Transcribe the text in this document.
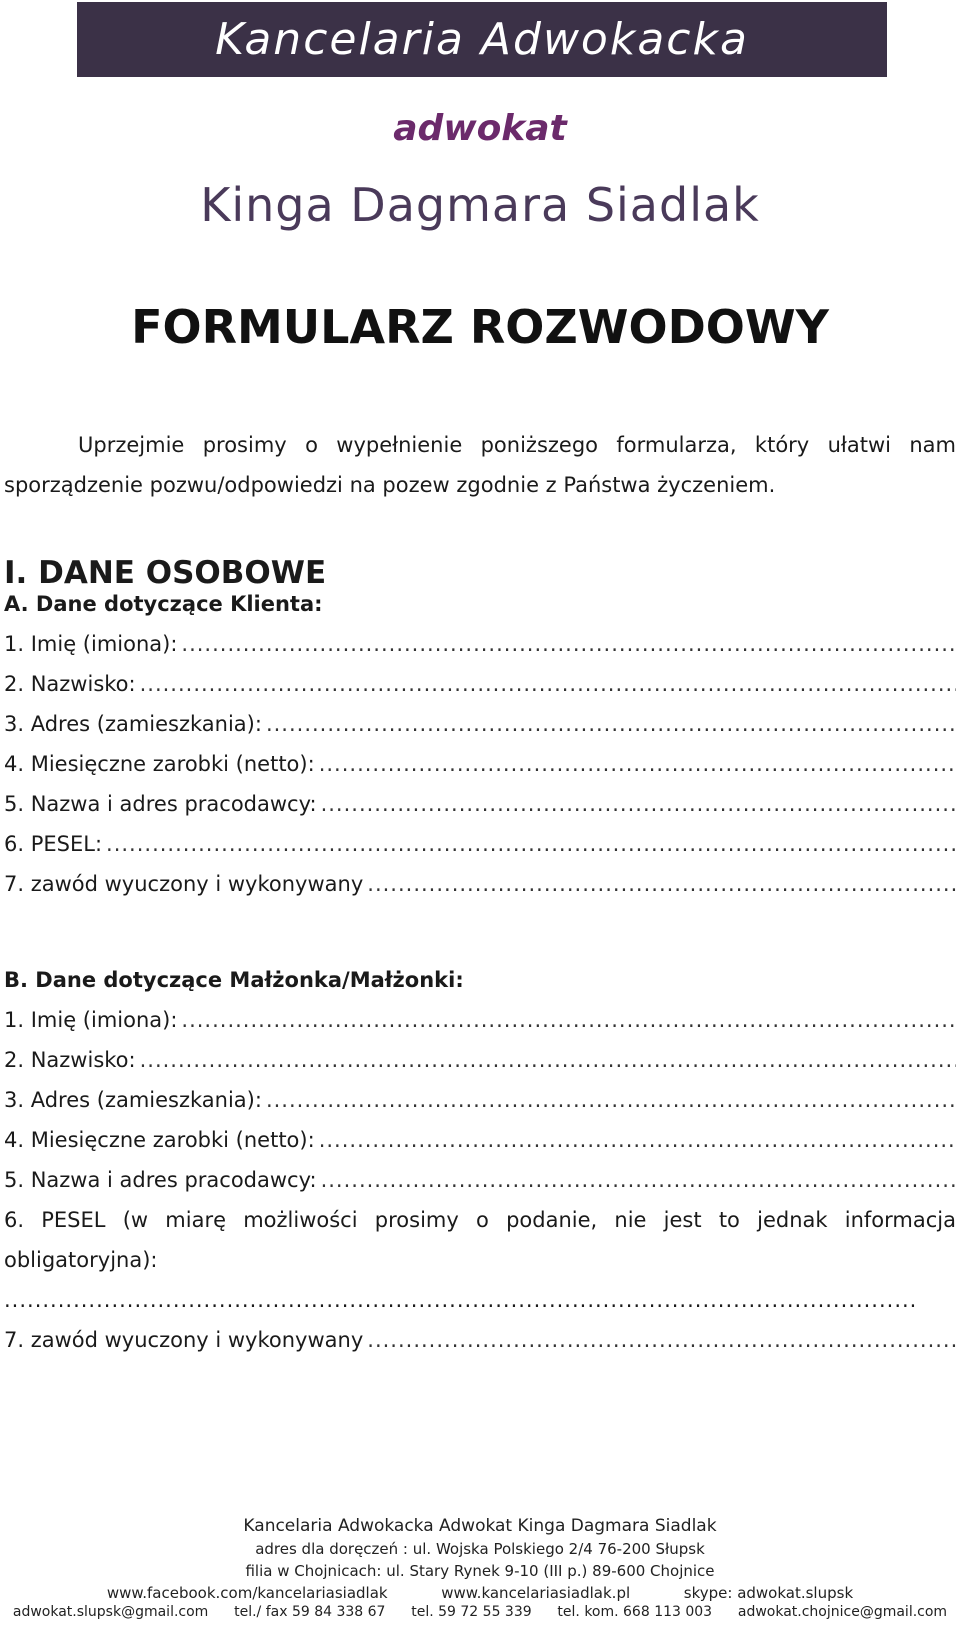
Kancelaria Adwokacka
adwokat
Kinga Dagmara Siadlak
FORMULARZ ROZWODOWY
Uprzejmie prosimy o wypełnienie poniższego formularza, który ułatwi nam sporządzenie pozwu/odpowiedzi na pozew zgodnie z Państwa życzeniem.
I. DANE OSOBOWE
A. Dane dotyczące Klienta:
1. Imię (imiona):
.....
2. Nazwisko:
.....
3. Adres (zamieszkania):
.....
4. Miesięczne zarobki (netto):
.....
5. Nazwa i adres pracodawcy:
.....
6. PESEL:
.....
7. zawód wyuczony i wykonywany
.....
B. Dane dotyczące Małżonka/Małżonki:
1. Imię (imiona):
.....
2. Nazwisko:
.....
3. Adres (zamieszkania):
.....
4. Miesięczne zarobki (netto):
.....
5. Nazwa i adres pracodawcy:
.....
6. PESEL (w miarę możliwości prosimy o podanie, nie jest to jednak informacja obligatoryjna): .......................................................................................................................
7. zawód wyuczony i wykonywany
.....
Kancelaria Adwokacka Adwokat Kinga Dagmara Siadlak
adres dla doręczeń : ul. Wojska Polskiego 2/4 76-200 Słupsk
filia w Chojnicach: ul. Stary Rynek 9-10 (III p.) 89-600 Chojnice
www.facebook.com/kancelariasiadlak	www.kancelariasiadlak.pl	skype: adwokat.slupsk
adwokat.slupsk@gmail.com tel./ fax 59 84 338 67 tel. 59 72 55 339 tel. kom. 668 113 003 adwokat.chojnice@gmail.com
